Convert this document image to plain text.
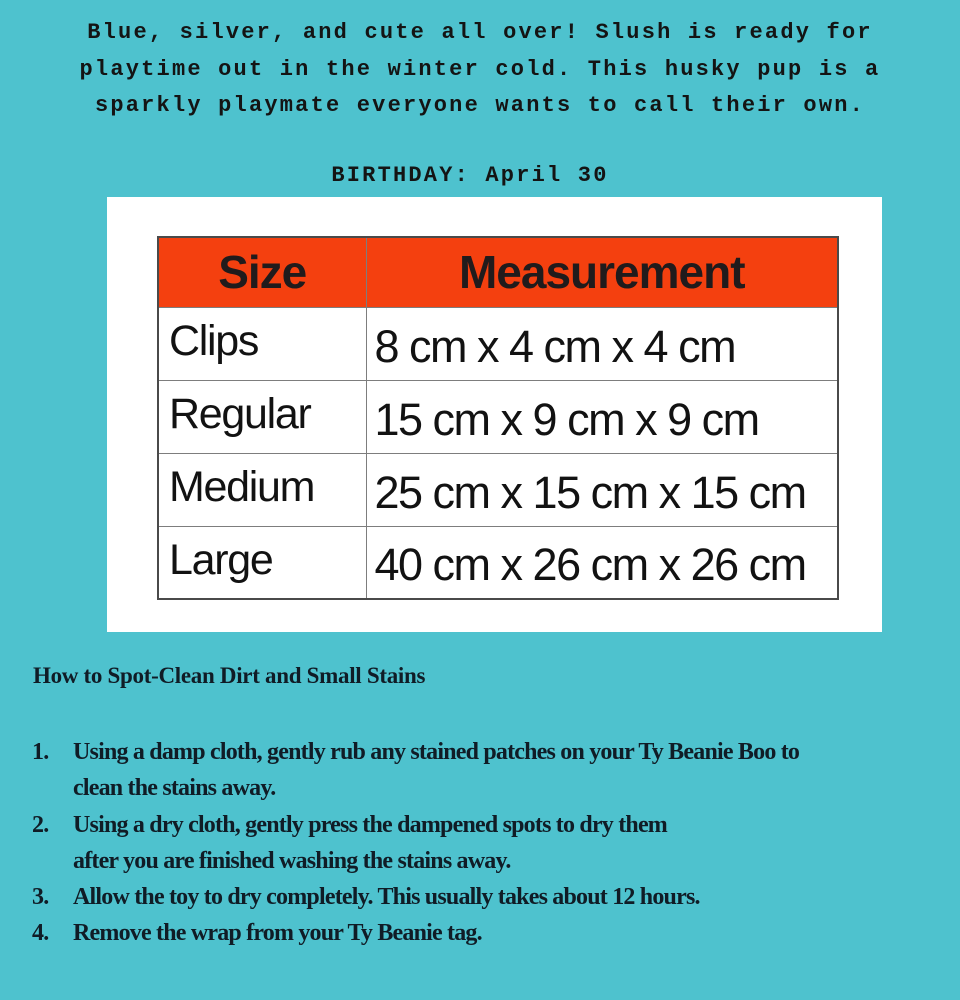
Blue, silver, and cute all over! Slush is ready for
playtime out in the winter cold. This husky pup is a
sparkly playmate everyone wants to call their own.
BIRTHDAY: April 30
Size	Measurement
Clips	8 cm x 4 cm x 4 cm
Regular	15 cm x 9 cm x 9 cm
Medium	25 cm x 15 cm x 15 cm
Large	40 cm x 26 cm x 26 cm
How to Spot-Clean Dirt and Small Stains
1. Using a damp cloth, gently rub any stained patches on your Ty Beanie Boo to
clean the stains away.
2. Using a dry cloth, gently press the dampened spots to dry them
after you are finished washing the stains away.
3. Allow the toy to dry completely. This usually takes about 12 hours.
4. Remove the wrap from your Ty Beanie tag.
